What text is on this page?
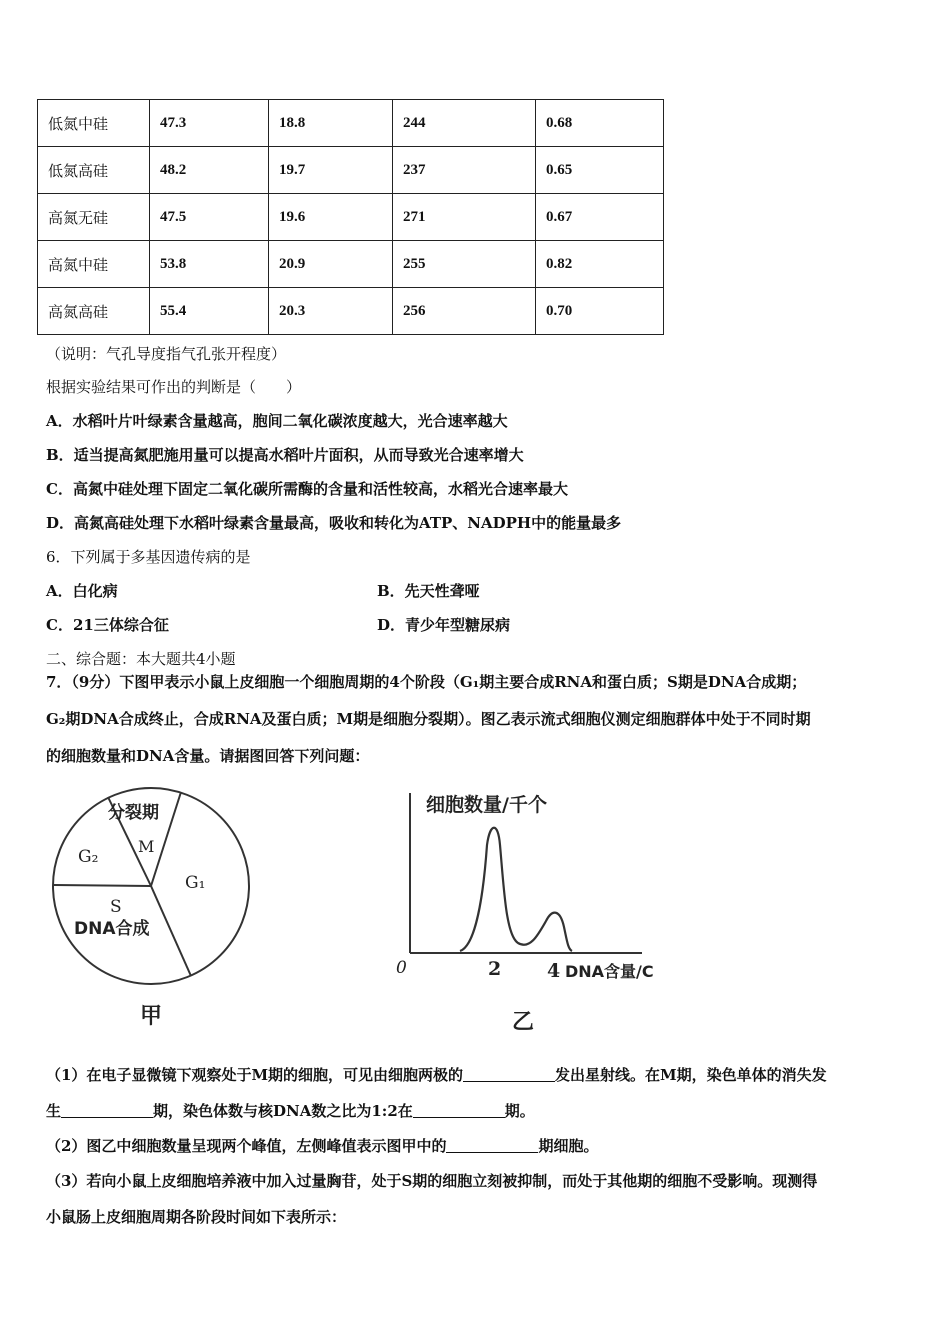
低氮中硅	47.3	18.8	244	0.68
低氮高硅	48.2	19.7	237	0.65
高氮无硅	47.5	19.6	271	0.67
高氮中硅	53.8	20.9	255	0.82
高氮高硅	55.4	20.3	256	0.70
（说明：气孔导度指气孔张开程度）
根据实验结果可作出的判断是（　　）
A．水稻叶片叶绿素含量越高，胞间二氧化碳浓度越大，光合速率越大
B．适当提高氮肥施用量可以提高水稻叶片面积，从而导致光合速率增大
C．高氮中硅处理下固定二氧化碳所需酶的含量和活性较高，水稻光合速率最大
D．高氮高硅处理下水稻叶绿素含量最高，吸收和转化为ATP、NADPH中的能量最多
6．下列属于多基因遗传病的是
A．白化病	B．先天性聋哑
C．21三体综合征	D．青少年型糖尿病
二、综合题：本大题共4小题
7．（9分）下图甲表示小鼠上皮细胞一个细胞周期的4个阶段（G₁期主要合成RNA和蛋白质；S期是DNA合成期；
G₂期DNA合成终止，合成RNA及蛋白质；M期是细胞分裂期）。图乙表示流式细胞仪测定细胞群体中处于不同时期
的细胞数量和DNA含量。请据图回答下列问题：
分裂期
M
G₂
G₁
S
DNA合成
甲
细胞数量/千个
0	2 4 DNA含量/C
乙
（1）在电子显微镜下观察处于M期的细胞，可见由细胞两极的	发出星射线。在M期，染色单体的消失发
生	期，染色体数与核DNA数之比为1:2在	期。
（2）图乙中细胞数量呈现两个峰值，左侧峰值表示图甲中的	期细胞。
（3）若向小鼠上皮细胞培养液中加入过量胸苷，处于S期的细胞立刻被抑制，而处于其他期的细胞不受影响。现测得
小鼠肠上皮细胞周期各阶段时间如下表所示：
